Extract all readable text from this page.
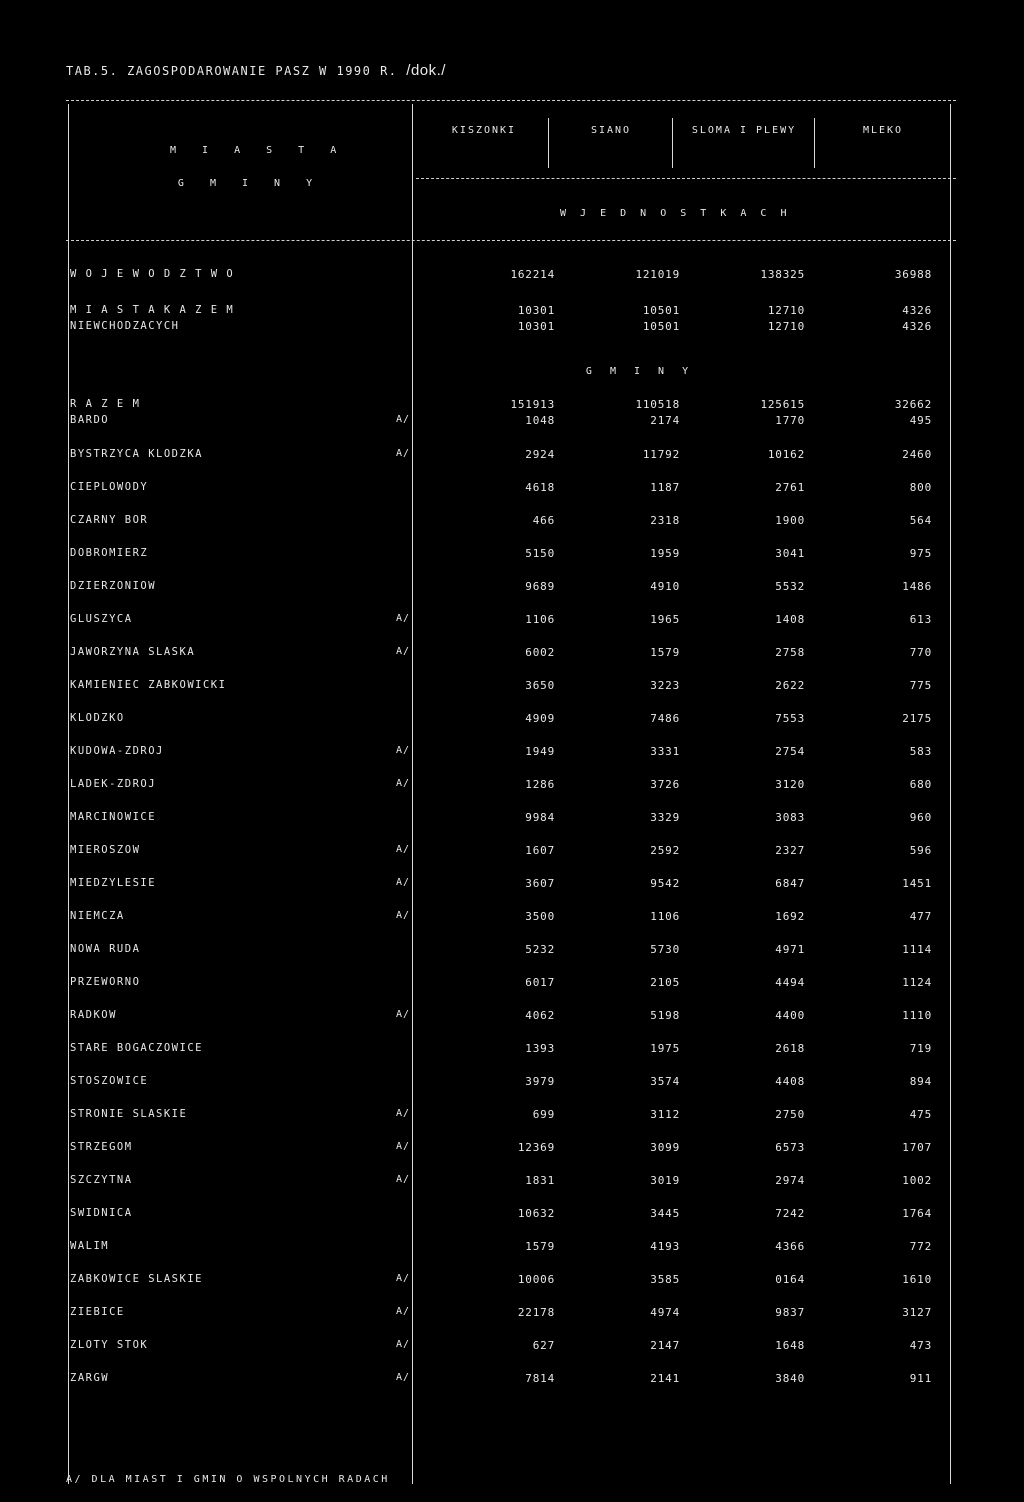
TAB.5. ZAGOSPODAROWANIE PASZ W 1990 R. /dok./
M I A S T A
G M I N Y
KISZONKI	SIANO	SLOMA I PLEWY	MLEKO
W J E D N O S T K A C H
W O J E W O D Z T W O	162214	121019	138325	36988
M I A S T A K A Z E M	10301	10501	12710	4326
NIEWCHODZACYCH	10301	10501	12710	4326
G M I N Y
R A Z E M	151913	110518	125615	32662
BARDO	A/	1048	2174	1770	495
BYSTRZYCA KLODZKA	A/	2924	11792	10162	2460
CIEPLOWODY	4618	1187	2761	800
CZARNY BOR	466	2318	1900	564
DOBROMIERZ	5150	1959	3041	975
DZIERZONIOW	9689	4910	5532	1486
GLUSZYCA	A/	1106	1965	1408	613
JAWORZYNA SLASKA	A/	6002	1579	2758	770
KAMIENIEC ZABKOWICKI	3650	3223	2622	775
KLODZKO	4909	7486	7553	2175
KUDOWA-ZDROJ	A/	1949	3331	2754	583
LADEK-ZDROJ	A/	1286	3726	3120	680
MARCINOWICE	9984	3329	3083	960
MIEROSZOW	A/	1607	2592	2327	596
MIEDZYLESIE	A/	3607	9542	6847	1451
NIEMCZA	A/	3500	1106	1692	477
NOWA RUDA	5232	5730	4971	1114
PRZEWORNO	6017	2105	4494	1124
RADKOW	A/	4062	5198	4400	1110
STARE BOGACZOWICE	1393	1975	2618	719
STOSZOWICE	3979	3574	4408	894
STRONIE SLASKIE	A/	699	3112	2750	475
STRZEGOM	A/	12369	3099	6573	1707
SZCZYTNA	A/	1831	3019	2974	1002
SWIDNICA	10632	3445	7242	1764
WALIM	1579	4193	4366	772
ZABKOWICE SLASKIE	A/	10006	3585	0164	1610
ZIEBICE	A/	22178	4974	9837	3127
ZLOTY STOK	A/	627	2147	1648	473
ZARGW	A/	7814	2141	3840	911
A/ DLA MIAST I GMIN O WSPOLNYCH RADACH
